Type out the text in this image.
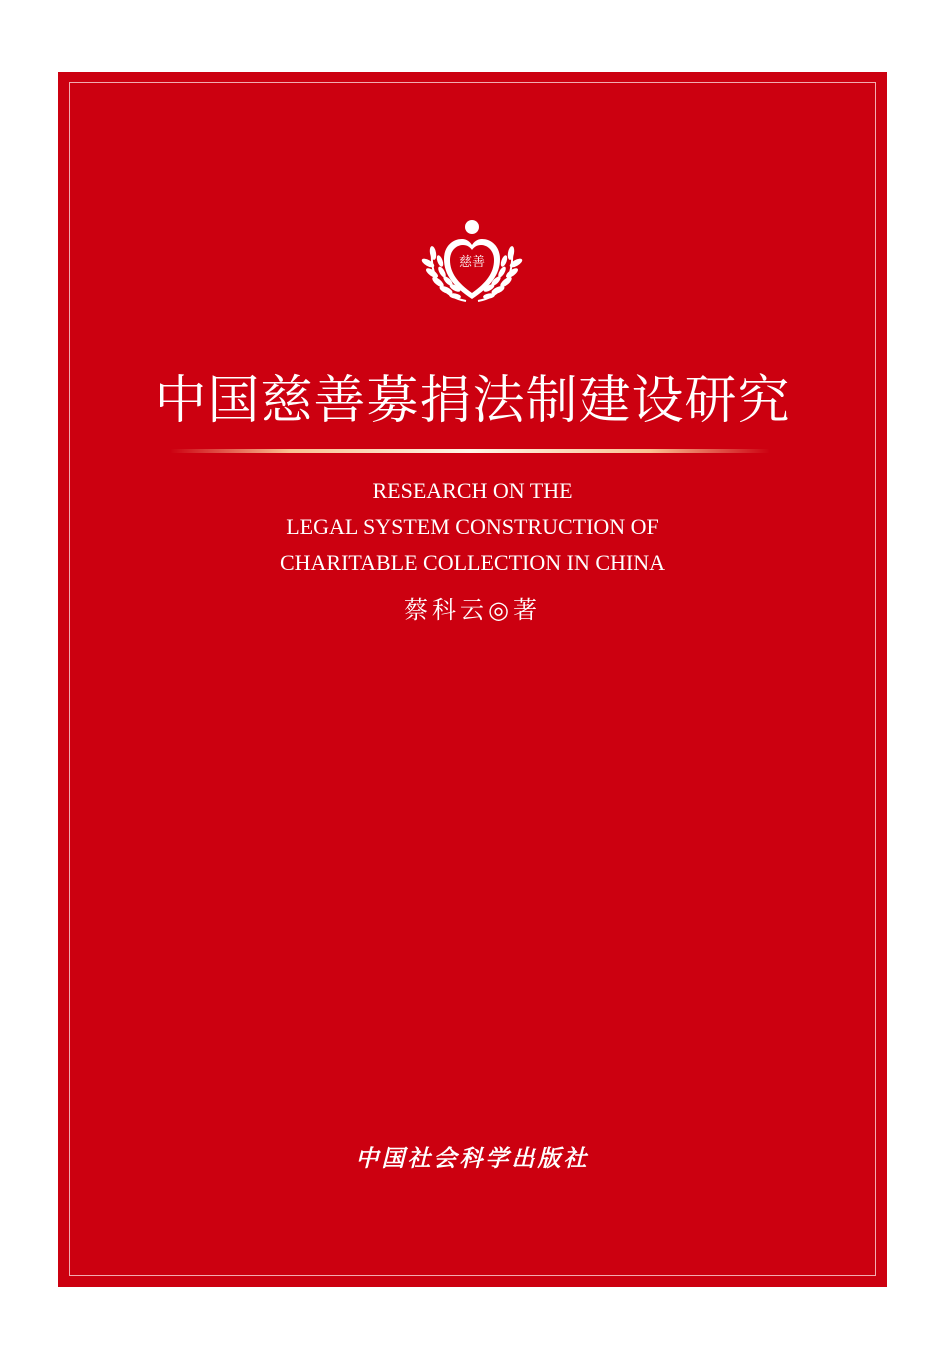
慈善
中国慈善募捐法制建设研究
RESEARCH ON THE
LEGAL SYSTEM CONSTRUCTION OF
CHARITABLE COLLECTION IN CHINA
蔡科云◎著
中国社会科学出版社
